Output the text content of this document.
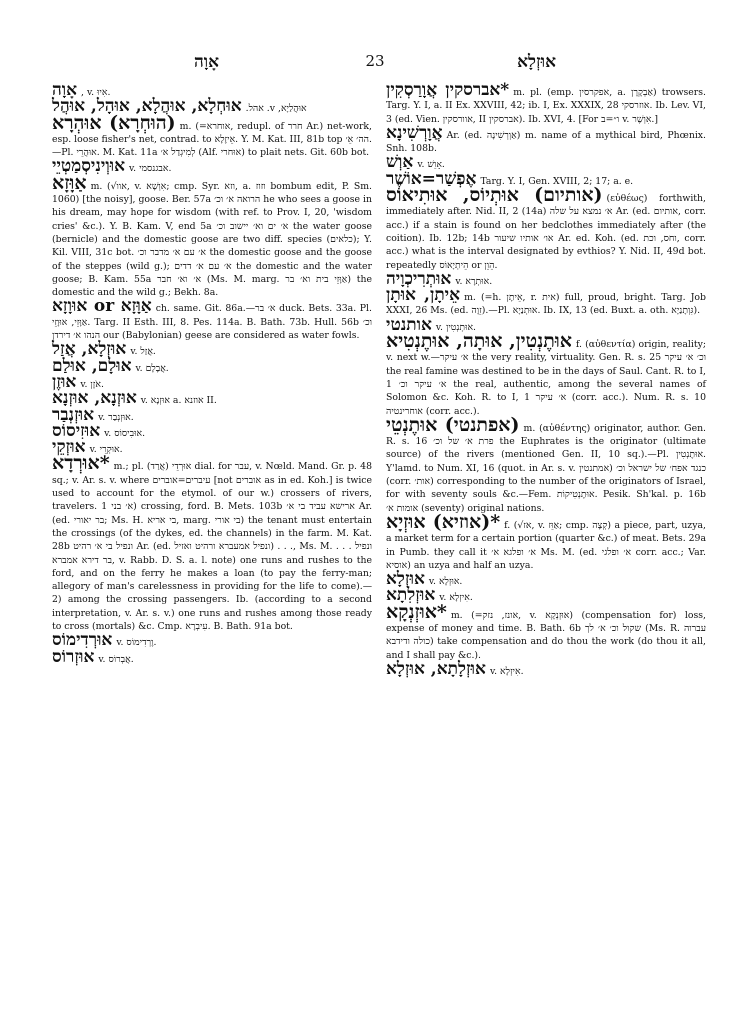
אָוָה	23	אוּזְלָא

אָוָה , v. אִיוּ.

אוּחְלָא, אוּהֲלָא, אוּהָל, אוּהֲל אוּהֲלַיָא, v. אהל.

(הוּחְרָא) אוּהְרָא m. (=אוחרא, redupl. of חרר Ar.) net-work, esp. loose fisher's net, contrad. to אֵיזֶלָא. Y. M. Kat. III, 81b top הה׳ אֵ׳.—Pl. אוּהֲרֵי. M. Kat. 11a לְמִיגְדַל א׳ (Alf. אוּחרי) to plait nets. Git. 60b bot.

אוּוְינִיסְמַטְיֵי v. אבגנסמי.

אַוָּזָא m. (√אוו, v. אִוְשָׁא; cmp. Syr. וזא, a. וזוז bombum edit, P. Sm. 1060) [the noisy], goose. Ber. 57a הרואה א׳ וכ׳ he who sees a goose in his dream, may hope for wisdom (with ref. to Prov. I, 20, 'wisdom cries' &c.). Y. B. Kam. V, end 5a א׳ ים וא׳ יישוב וכ׳ the water goose (bernicle) and the domestic goose are two diff. species (כלאים); Y. Kil. VIII, 31c bot. א׳ עם א׳ מדבר וכ׳ the domestic goose and the goose of the steppes (wild g.); א׳ עם א׳ דדים the domestic and the water goose; B. Kam. 55a א׳ וא׳ חבר (Ms. M. marg. אַוָּזֵי בית וא׳ בר) the domestic and the wild g.; Bekh. 8a.

אַוָּזָא or אוּוָזָא ch. same. Git. 86a.—א׳ בר duck. Bets. 33a. Pl. אַוָּזֵי, אוּוָזֵי. Targ. II Esth. III, 8. Pes. 114a. B. Bath. 73b. Hull. 56b וכ׳ הנהו א׳ דירדן our (Babylonian) geese are considered as water fowls.

אוּזְלָא, אֲזַל v. אֲזַל.

אוּלָם, אוּלַם v. אֲבָלָם.

אוּזֶן v. אֹזֶן.

אוּזְנָא, אוּזְנָא v. אוּזְנָא a. אוזנא II.

אוּזְנְבַר v. אוּזְנְבַר.

אוּזִיסוֹס v. אוּבִיסוֹס.

אוּזְקֵי v. אוּקְרֵי.

*אוּרְדָא m.; pl. אוּרְדֵי (אֲרַד) dial. for עבר, v. Nœld. Mand. Gr. p. 48 sq.; v. Ar. s. v. where עיברים=אוברים [not אוברים as in ed. Koh.] is twice used to account for the etymol. of our w.) crossers of rivers, travelers. א׳ בני 1) crossing, ford. B. Mets. 103b ארישא עביד בי א׳ Ar. (ed. בר יאורי; Ms. H. בי אריא, marg. בי אורי) the tenant must entertain the crossings (of the dykes, ed. the channels) in the farm. M. Kat. 28b ונפיל בי א׳ רהיט Ar. (ed. ונפיל אמעברא ורהיט ואזיל) . . ., Ms. M. . . . ונפיל בר דירא אמברא, v. Rabb. D. S. a. l. note) one runs and rushes to the ford, and on the ferry he makes a loan (to pay the ferry-man; allegory of man's carelessness in providing for the life to come).—2) among the crossing passengers. Ib. (according to a second interpretation, v. Ar. s. v.) one runs and rushes among those ready to cross (mortals) &c. Cmp. עִיבְרָא. B. Bath. 91a bot.

אוּרְדִימוֹס v. וֶרְדִימוֹס.

אוּזְרוֹס v. אֲבְרוֹס.

*אברסקין אֲוָרַסְקִין m. pl. (emp. אפקרסין, a. אַבְקָרָן) trowsers. Targ. Y. I, a. II Ex. XXVIII, 42; ib. I, Ex. XXXIX, 28 אוזרסקי. Ib. Lev. VI, 3 (ed. Vien. אוורסקין, II אברסקין). Ib. XVI, 4. [For ו״=ב v. אִוְשֶׁר.]

אֲוָרְשִׁינָא Ar. (ed. אַוְרְשִׁינָה) m. name of a mythical bird, Phœnix. Snh. 108b.

אַוְשׁ v. אָוֵשׁ.

אֶפְשַׁר=אוֹשֶׁר Targ. Y. I, Gen. XVIII, 2; 17; a. e.

(אותיום) אוּתְיוֹס, אוּתִיאוֹס (εὐθέως) forthwith, immediately after. Nid. II, 2 (14a) א׳ נמצא על שלה Ar. (ed. אותיום, corr. acc.) if a stain is found on her bedclothes immediately after (the coition). Ib. 12b; 14b או׳ אותיו שיעור Ar. ed. Koh. (ed. וחס, וכת, corr. acc.) what is the interval designated by evthios? Y. Nid. II, 49d bot. repeatedly הֵיתְיָאוֹס or הֵוֵן.

אוּתְרִיכְוָיה v. אוּתְרָא.

אֵיתָן, אוּתָן m. (=h. אֵיתָן, r. אית) full, proud, bright. Targ. Job XXXI, 26 Ms. (ed. זֵוָה).—Pl. אוּתְנַיָא. Ib. IX, 13 (ed. Buxt. a. oth. גִּוְתָנַיָא).

אותנטי v. אוּתְנְטִין.

אוּתֶנְטִין, אוּתָה, אוּתֶנְטִיא f. (αὐθεντία) origin, reality; v. next w.—א׳ עיקר the very reality, virtuality. Gen. R. s. 25 וכ׳ א׳ עיקר the real famine was destined to be in the days of Saul. Cant. R. to I, 1 א׳ עיקר וכ׳ the real, authentic, among the several names of Solomon &c. Koh. R. to I, 1 א׳ עיקר (corr. acc.). Num. R. s. 10 אוחרינטיה (corr. acc.).

(אפתנטי) אוּתֶנְטֵי m. (αὐθέντης) originator, author. Gen. R. s. 16 פרת א׳ של וכ׳ the Euphrates is the originator (ultimate source) of the rivers (mentioned Gen. II, 10 sq.).—Pl. אוּתֶנְטִין. Y'lamd. to Num. XI, 16 (quot. in Ar. s. v. אמתנטין) כנגד אפח׳ של ישראל וכ׳ (corr. אות׳) corresponding to the number of the originators of Israel, for with seventy souls &c.—Fem. אוּתֶנְטִיקוֹת. Pesik. Sh'kal. p. 16b אומות א׳ (seventy) original nations.

*(אוזיא) אוּזְיָא f. (√אז, v. אַוֵּז; cmp. קְצָה) a piece, part, uzya, a market term for a certain portion (quarter &c.) of meat. Bets. 29a in Pumb. they call it א׳ ופלגא א׳ Ms. M. (ed. א׳ ופלגי corr. acc.; Var. אוסיא) an uzya and half an uzya.

אוּזְלָא v. אוּזְלָא.

אוּזְלִתָא v. אִיזְלָא.

*אוּזְנְקָא m. (=אונז, נזק, v. אוּזְנְקָא) (compensation for) loss, expense of money and time. B. Bath. 6b שקול וכ׳ א׳ לך (Ms. R. עברוה כולה ודידבא) take compensation and do thou the work (do thou it all, and I shall pay &c.).

אוּזְלָתָא, אוּזְלָא v. אִיזְלָא.
